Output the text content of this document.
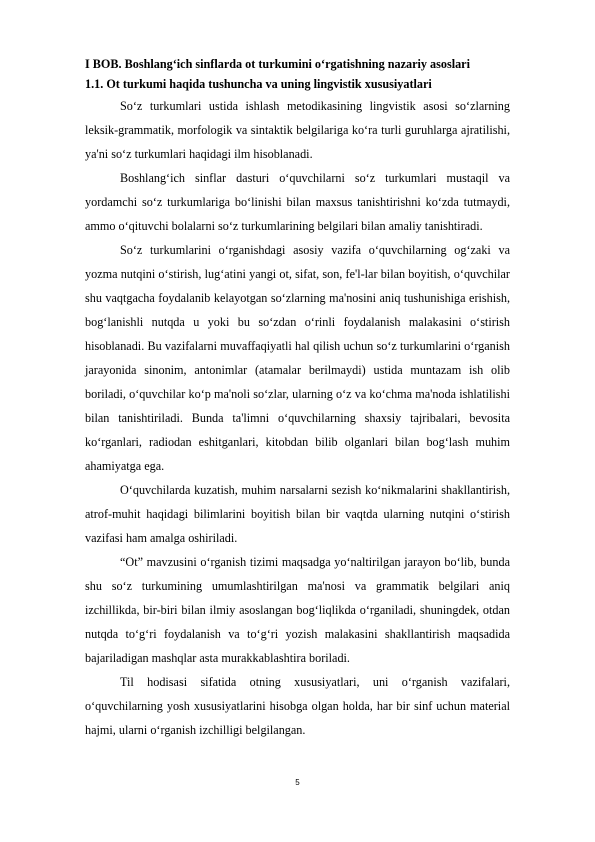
I BOB. Boshlang‘ich sinflarda ot turkumini o‘rgatishning nazariy asoslari

1.1. Ot turkumi haqida tushuncha va uning lingvistik xususiyatlari

So‘z turkumlari ustida ishlash metodikasining lingvistik asosi so‘zlarning leksik-grammatik, morfologik va sintaktik belgilariga ko‘ra turli guruhlarga ajratilishi, ya'ni so‘z turkumlari haqidagi ilm hisoblanadi.

Boshlang‘ich sinflar dasturi o‘quvchilarni so‘z turkumlari mustaqil va yordamchi so‘z turkumlariga bo‘linishi bilan maxsus tanishtirishni ko‘zda tutmaydi, ammo o‘qituvchi bolalarni so‘z turkumlarining belgilari bilan amaliy tanishtiradi.

So‘z turkumlarini o‘rganishdagi asosiy vazifa o‘quvchilarning og‘zaki va yozma nutqini o‘stirish, lug‘atini yangi ot, sifat, son, fe'l-lar bilan boyitish, o‘quvchilar shu vaqtgacha foydalanib kelayotgan so‘zlarning ma'nosini aniq tushunishiga erishish, bog‘lanishli nutqda u yoki bu so‘zdan o‘rinli foydalanish malakasini o‘stirish hisoblanadi. Bu vazifalarni muvaffaqiyatli hal qilish uchun so‘z turkumlarini o‘rganish jarayonida sinonim, antonimlar (atamalar berilmaydi) ustida muntazam ish olib boriladi, o‘quvchilar ko‘p ma'noli so‘zlar, ularning o‘z va ko‘chma ma'noda ishlatilishi bilan tanishtiriladi. Bunda ta'limni o‘quvchilarning shaxsiy tajribalari, bevosita ko‘rganlari, radiodan eshitganlari, kitobdan bilib olganlari bilan bog‘lash muhim ahamiyatga ega.

O‘quvchilarda kuzatish, muhim narsalarni sezish ko‘nikmalarini shakllantirish, atrof-muhit haqidagi bilimlarini boyitish bilan bir vaqtda ularning nutqini o‘stirish vazifasi ham amalga oshiriladi.

“Ot” mavzusini o‘rganish tizimi maqsadga yo‘naltirilgan jarayon bo‘lib, bunda shu so‘z turkumining umumlashtirilgan ma'nosi va grammatik belgilari aniq izchillikda, bir-biri bilan ilmiy asoslangan bog‘liqlikda o‘rganiladi, shuningdek, otdan nutqda to‘g‘ri foydalanish va to‘g‘ri yozish malakasini shakllantirish maqsadida bajariladigan mashqlar asta murakkablashtira boriladi.

Til hodisasi sifatida otning xususiyatlari, uni o‘rganish vazifalari, o‘quvchilarning yosh xususiyatlarini hisobga olgan holda, har bir sinf uchun material hajmi, ularni o‘rganish izchilligi belgilangan.

5
